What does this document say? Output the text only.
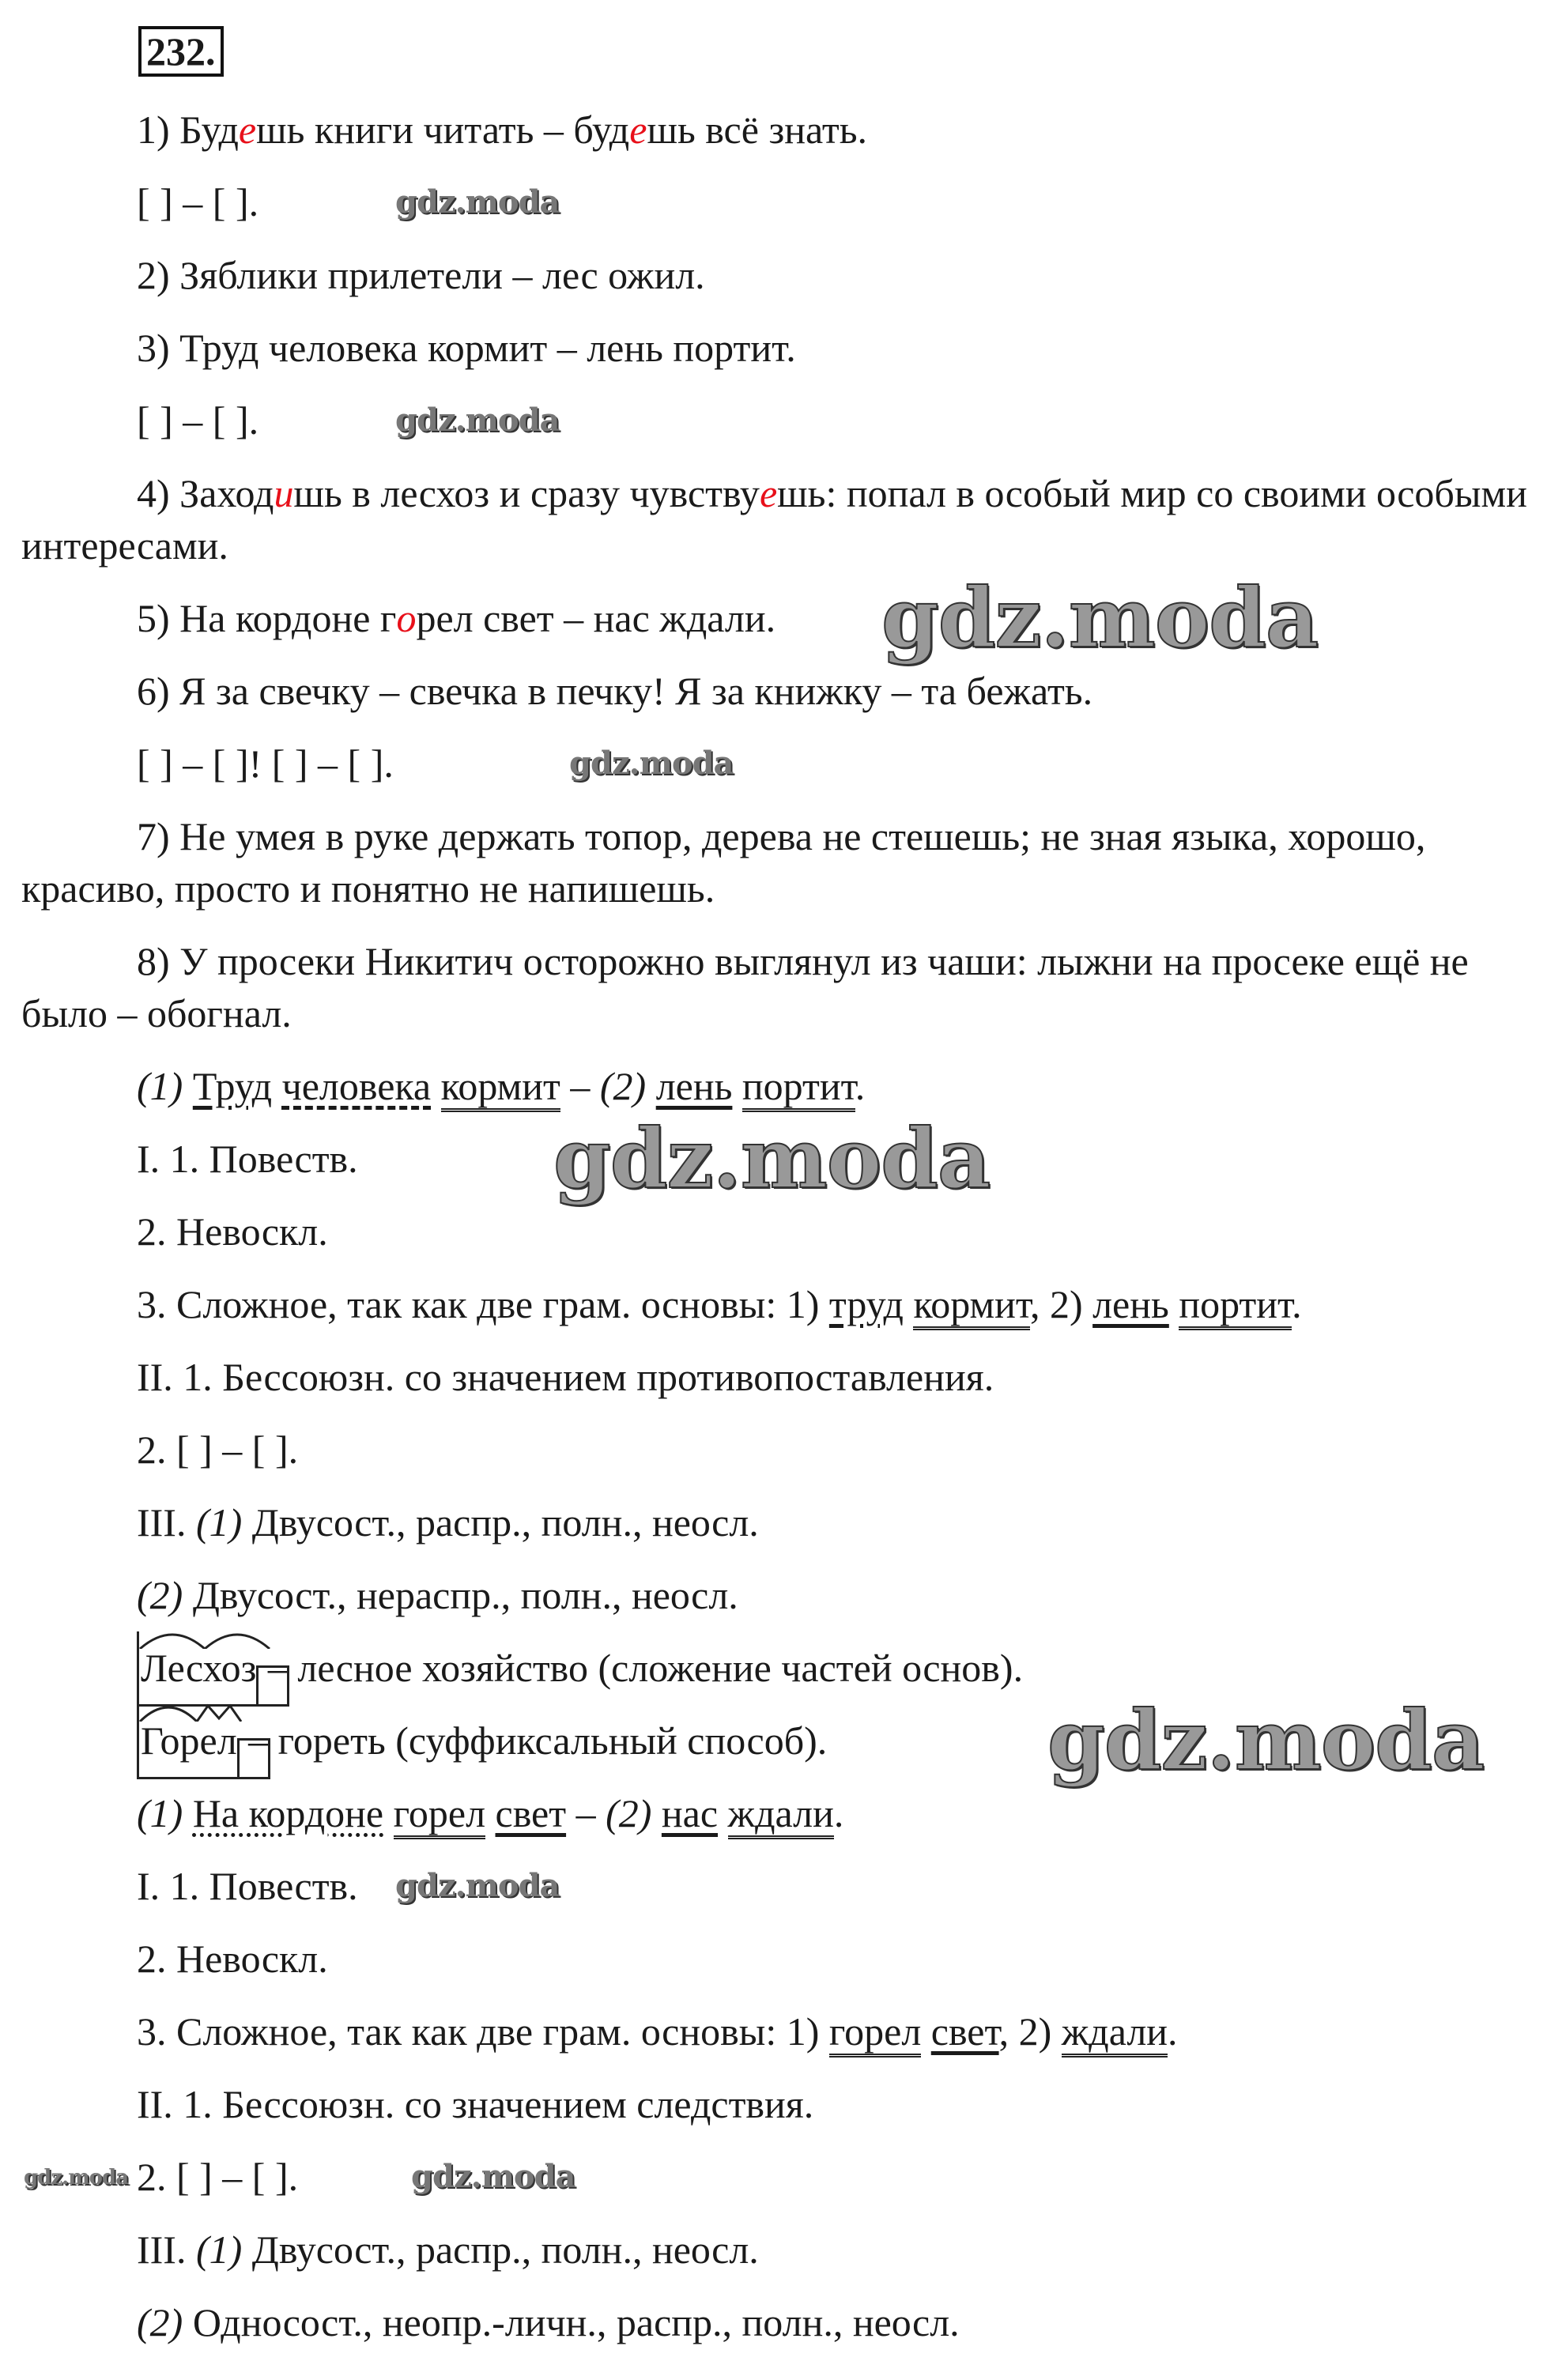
232.
1) Будешь книги читать – будешь всё знать.
[ ] – [ ].
2) Зяблики прилетели – лес ожил.
3) Труд человека кормит – лень портит.
[ ] – [ ].
4) Заходишь в лесхоз и сразу чувствуешь: попал в особый мир со своими особыми интересами.
5) На кордоне горел свет – нас ждали.
6) Я за свечку – свечка в печку! Я за книжку – та бежать.
[ ] – [ ]! [ ] – [ ].
7) Не умея в руке держать топор, дерева не стешешь; не зная языка, хорошо, красиво, просто и понятно не напишешь.
8) У просеки Никитич осторожно выглянул из чаши: лыжни на просеке ещё не было – обогнал.
(1) Труд человека кормит – (2) лень портит.
I. 1. Повеств.
2. Невоскл.
3. Сложное, так как две грам. основы: 1) труд кормит, 2) лень портит.
II. 1. Бессоюзн. со значением противопоставления.
2. [ ] – [ ].
III. (1) Двусост., распр., полн., неосл.
(2) Двусост., нераспр., полн., неосл.
Лесхоз – лесное хозяйство (сложение частей основ).
Горел – гореть (суффиксальный способ).
(1) На кордоне горел свет – (2) нас ждали.
I. 1. Повеств.
2. Невоскл.
3. Сложное, так как две грам. основы: 1) горел свет, 2) ждали.
II. 1. Бессоюзн. со значением следствия.
2. [ ] – [ ].
III. (1) Двусост., распр., полн., неосл.
(2) Односост., неопр.-личн., распр., полн., неосл.
gdz.moda
gdz.moda
gdz.moda
gdz.moda
gdz.moda
gdz.moda
gdz.moda
gdz.moda
gdz.moda
